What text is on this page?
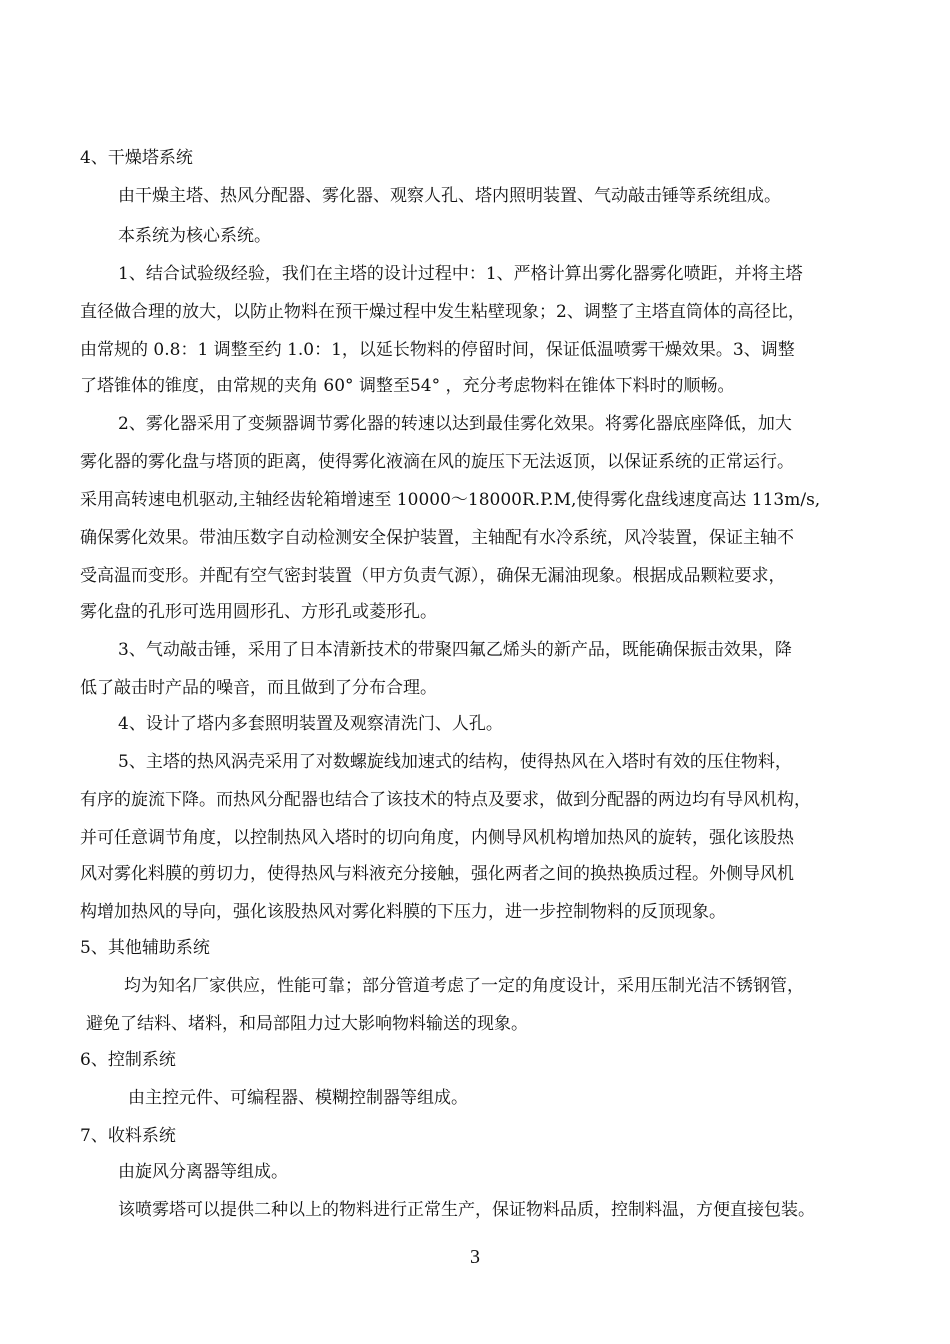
4、干燥塔系统

由干燥主塔、热风分配器、雾化器、观察人孔、塔内照明装置、气动敲击锤等系统组成。

本系统为核心系统。

1、结合试验级经验，我们在主塔的设计过程中：1、严格计算出雾化器雾化喷距，并将主塔

直径做合理的放大，以防止物料在预干燥过程中发生粘壁现象；2、调整了主塔直筒体的高径比，

由常规的 0.8：1 调整至约 1.0：1，以延长物料的停留时间，保证低温喷雾干燥效果。3、调整

了塔锥体的锥度，由常规的夹角 60° 调整至54° ，充分考虑物料在锥体下料时的顺畅。

2、雾化器采用了变频器调节雾化器的转速以达到最佳雾化效果。将雾化器底座降低，加大

雾化器的雾化盘与塔顶的距离，使得雾化液滴在风的旋压下无法返顶，以保证系统的正常运行。

采用高转速电机驱动,主轴经齿轮箱增速至 10000～18000R.P.M,使得雾化盘线速度高达 113m/s,

确保雾化效果。带油压数字自动检测安全保护装置，主轴配有水冷系统，风冷装置，保证主轴不

受高温而变形。并配有空气密封装置（甲方负责气源），确保无漏油现象。根据成品颗粒要求，

雾化盘的孔形可选用圆形孔、方形孔或菱形孔。

3、气动敲击锤，采用了日本清新技术的带聚四氟乙烯头的新产品，既能确保振击效果，降

低了敲击时产品的噪音，而且做到了分布合理。

4、设计了塔内多套照明装置及观察清洗门、人孔。

5、主塔的热风涡壳采用了对数螺旋线加速式的结构，使得热风在入塔时有效的压住物料，

有序的旋流下降。而热风分配器也结合了该技术的特点及要求，做到分配器的两边均有导风机构，

并可任意调节角度，以控制热风入塔时的切向角度，内侧导风机构增加热风的旋转，强化该股热

风对雾化料膜的剪切力，使得热风与料液充分接触，强化两者之间的换热换质过程。外侧导风机

构增加热风的导向，强化该股热风对雾化料膜的下压力，进一步控制物料的反顶现象。

5、其他辅助系统

均为知名厂家供应，性能可靠；部分管道考虑了一定的角度设计，采用压制光洁不锈钢管，

避免了结料、堵料，和局部阻力过大影响物料输送的现象。

6、控制系统

由主控元件、可编程器、模糊控制器等组成。

7、收料系统

由旋风分离器等组成。

该喷雾塔可以提供二种以上的物料进行正常生产，保证物料品质，控制料温，方便直接包装。

3
